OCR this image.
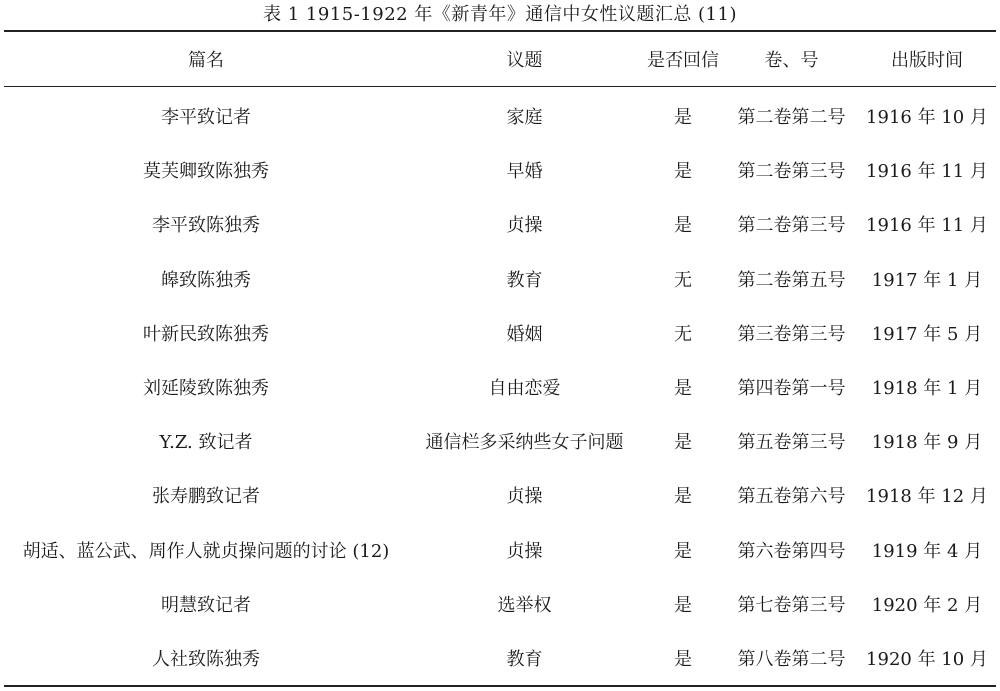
表 1 1915-1922 年《新青年》通信中女性议题汇总 (11)
篇名	议题	是否回信	卷、号	出版时间
李平致记者	家庭	是	第二卷第二号	1916 年 10 月
莫芙卿致陈独秀	早婚	是	第二卷第三号	1916 年 11 月
李平致陈独秀	贞操	是	第二卷第三号	1916 年 11 月
皞致陈独秀	教育	无	第二卷第五号	1917 年 1 月
叶新民致陈独秀	婚姻	无	第三卷第三号	1917 年 5 月
刘延陵致陈独秀	自由恋爱	是	第四卷第一号	1918 年 1 月
Y.Z. 致记者	通信栏多采纳些女子问题	是	第五卷第三号	1918 年 9 月
张寿鹏致记者	贞操	是	第五卷第六号	1918 年 12 月
胡适、蓝公武、周作人就贞操问题的讨论 (12)	贞操	是	第六卷第四号	1919 年 4 月
明慧致记者	选举权	是	第七卷第三号	1920 年 2 月
人社致陈独秀	教育	是	第八卷第二号	1920 年 10 月
